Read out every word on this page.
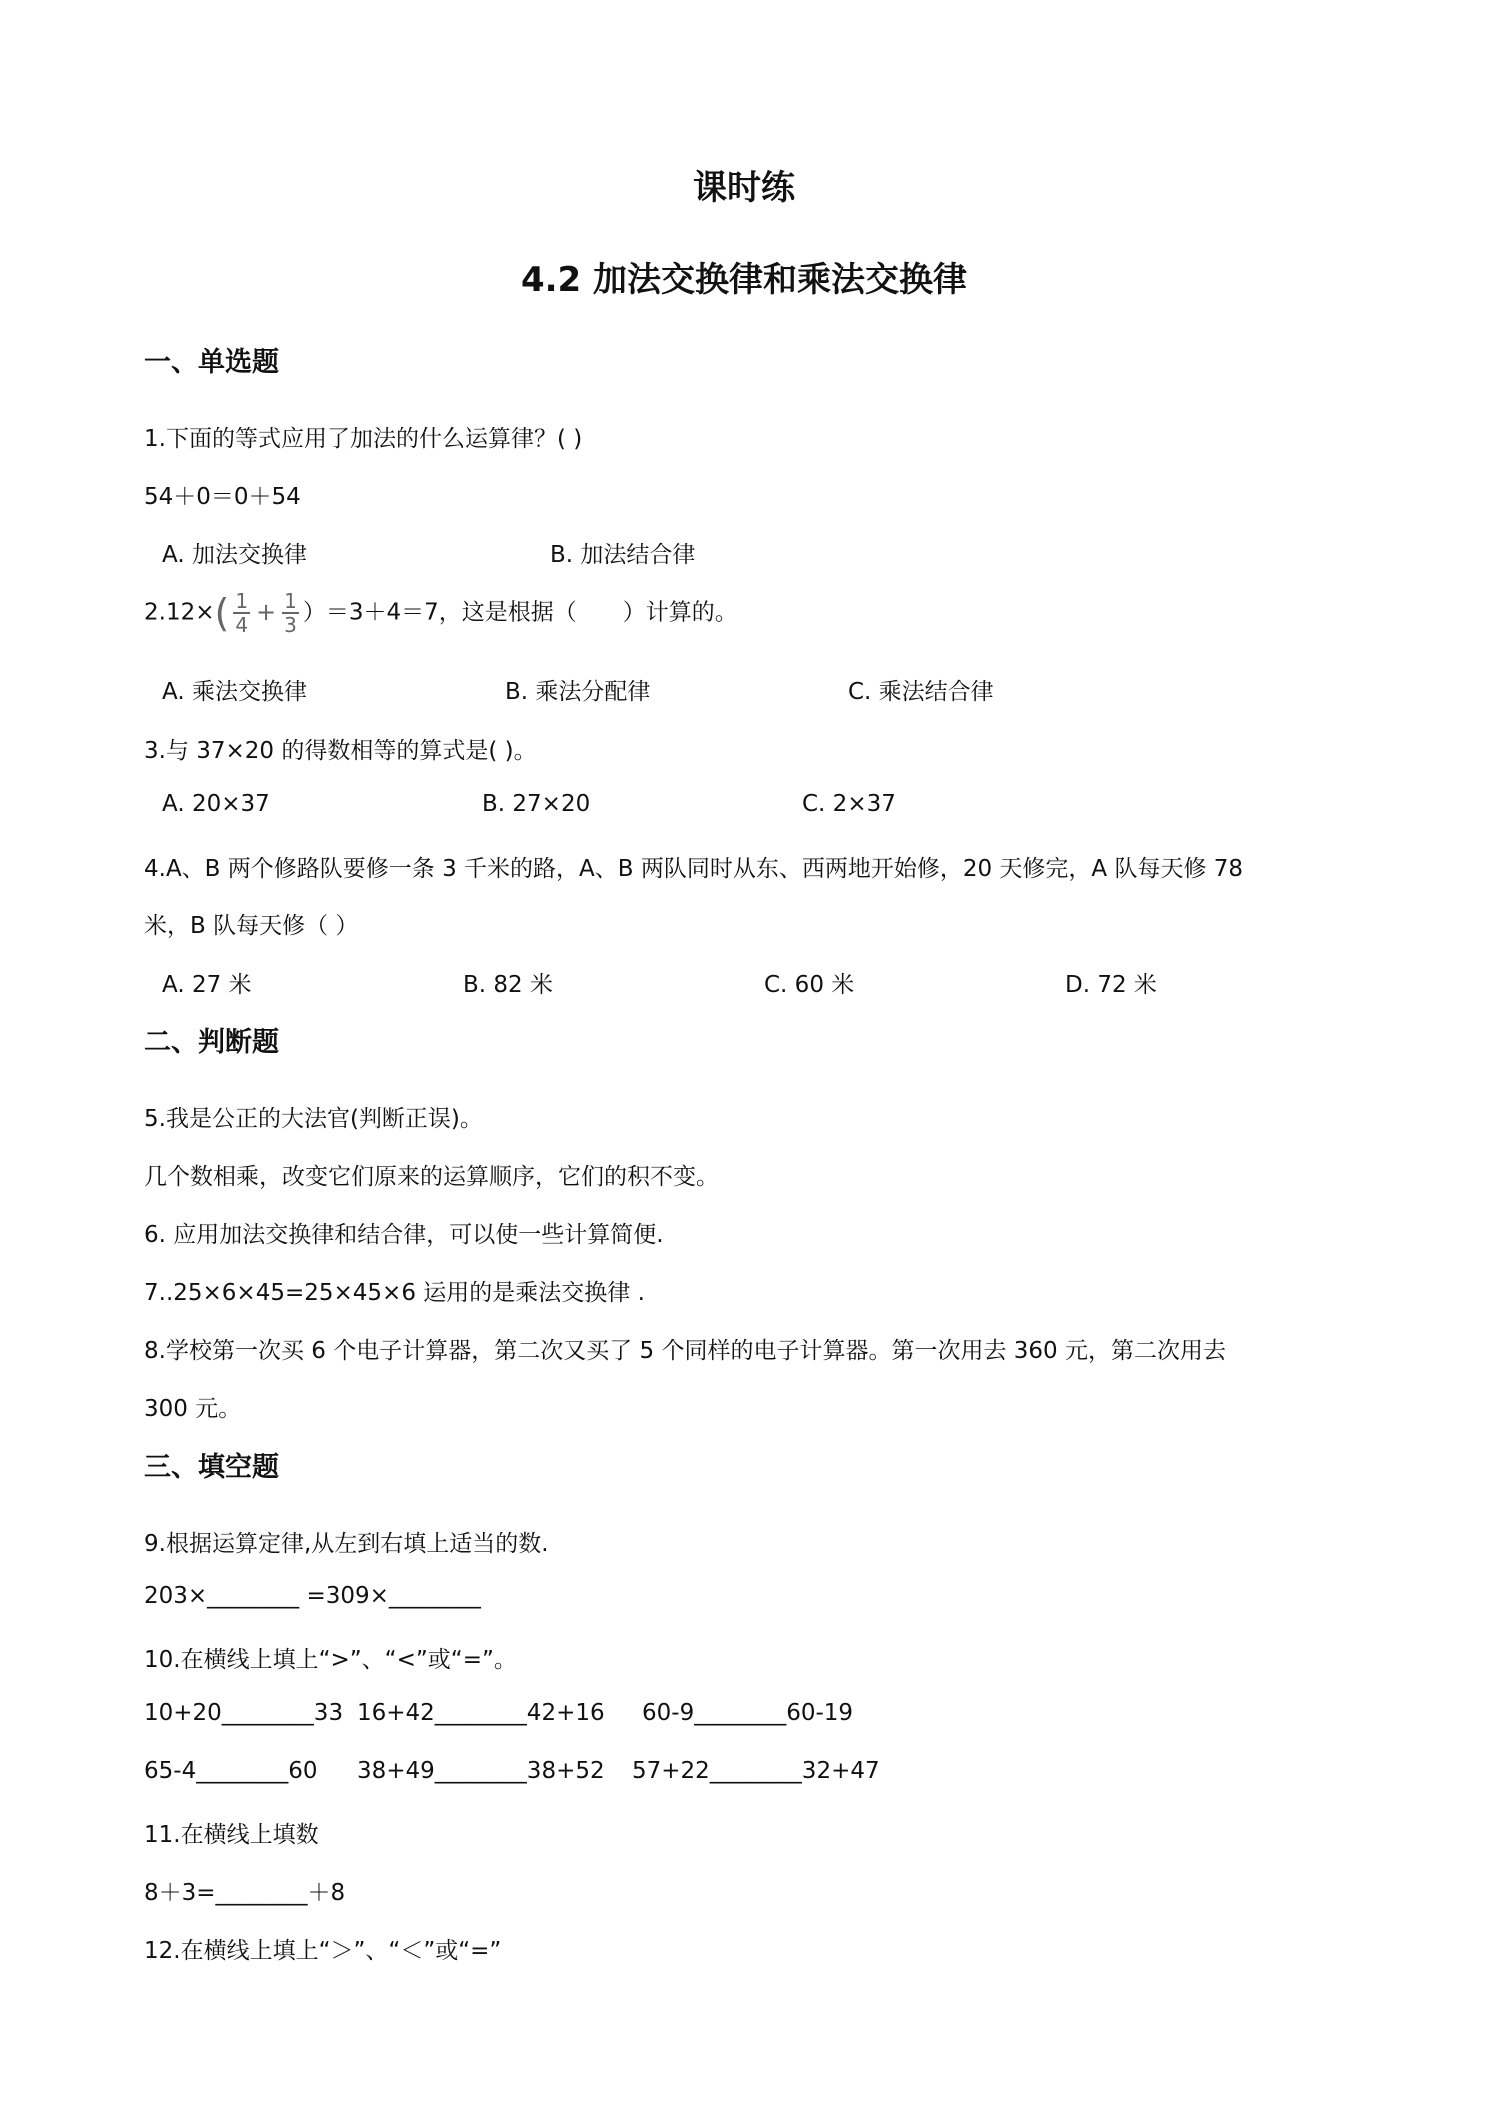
课时练
4.2 加法交换律和乘法交换律
一、单选题
1.下面的等式应用了加法的什么运算律？( )
54＋0＝0＋54
A. 加法交换律	B. 加法结合律
$2.12\times( \frac{1}{4} + \frac{1}{3} )=3+4=7$，这是根据（　　）计算的。
A. 乘法交换律	B. 乘法分配律	C. 乘法结合律
3.与 37×20 的得数相等的算式是( )。
A. 20×37	B. 27×20	C. 2×37
4.A、B 两个修路队要修一条 3 千米的路，A、B 两队同时从东、西两地开始修，20 天修完，A 队每天修 78
米，B 队每天修（ ）
A. 27 米	B. 82 米	C. 60 米	D. 72 米
二、判断题
5.我是公正的大法官(判断正误)。
几个数相乘，改变它们原来的运算顺序，它们的积不变。
6. 应用加法交换律和结合律，可以使一些计算简便.
7..25×6×45=25×45×6 运用的是乘法交换律 .
8.学校第一次买 6 个电子计算器，第二次又买了 5 个同样的电子计算器。第一次用去 360 元，第二次用去
300 元。
三、填空题
9.根据运算定律,从左到右填上适当的数.
203×________ =309×________
10.在横线上填上“>”、“<”或“=”。
10+20________33 16+42________42+16 60-9________60-19
65-4________60 38+49________38+52 57+22________32+47
11.在横线上填数
8＋3=________＋8
12.在横线上填上“＞”、“＜”或“=”
